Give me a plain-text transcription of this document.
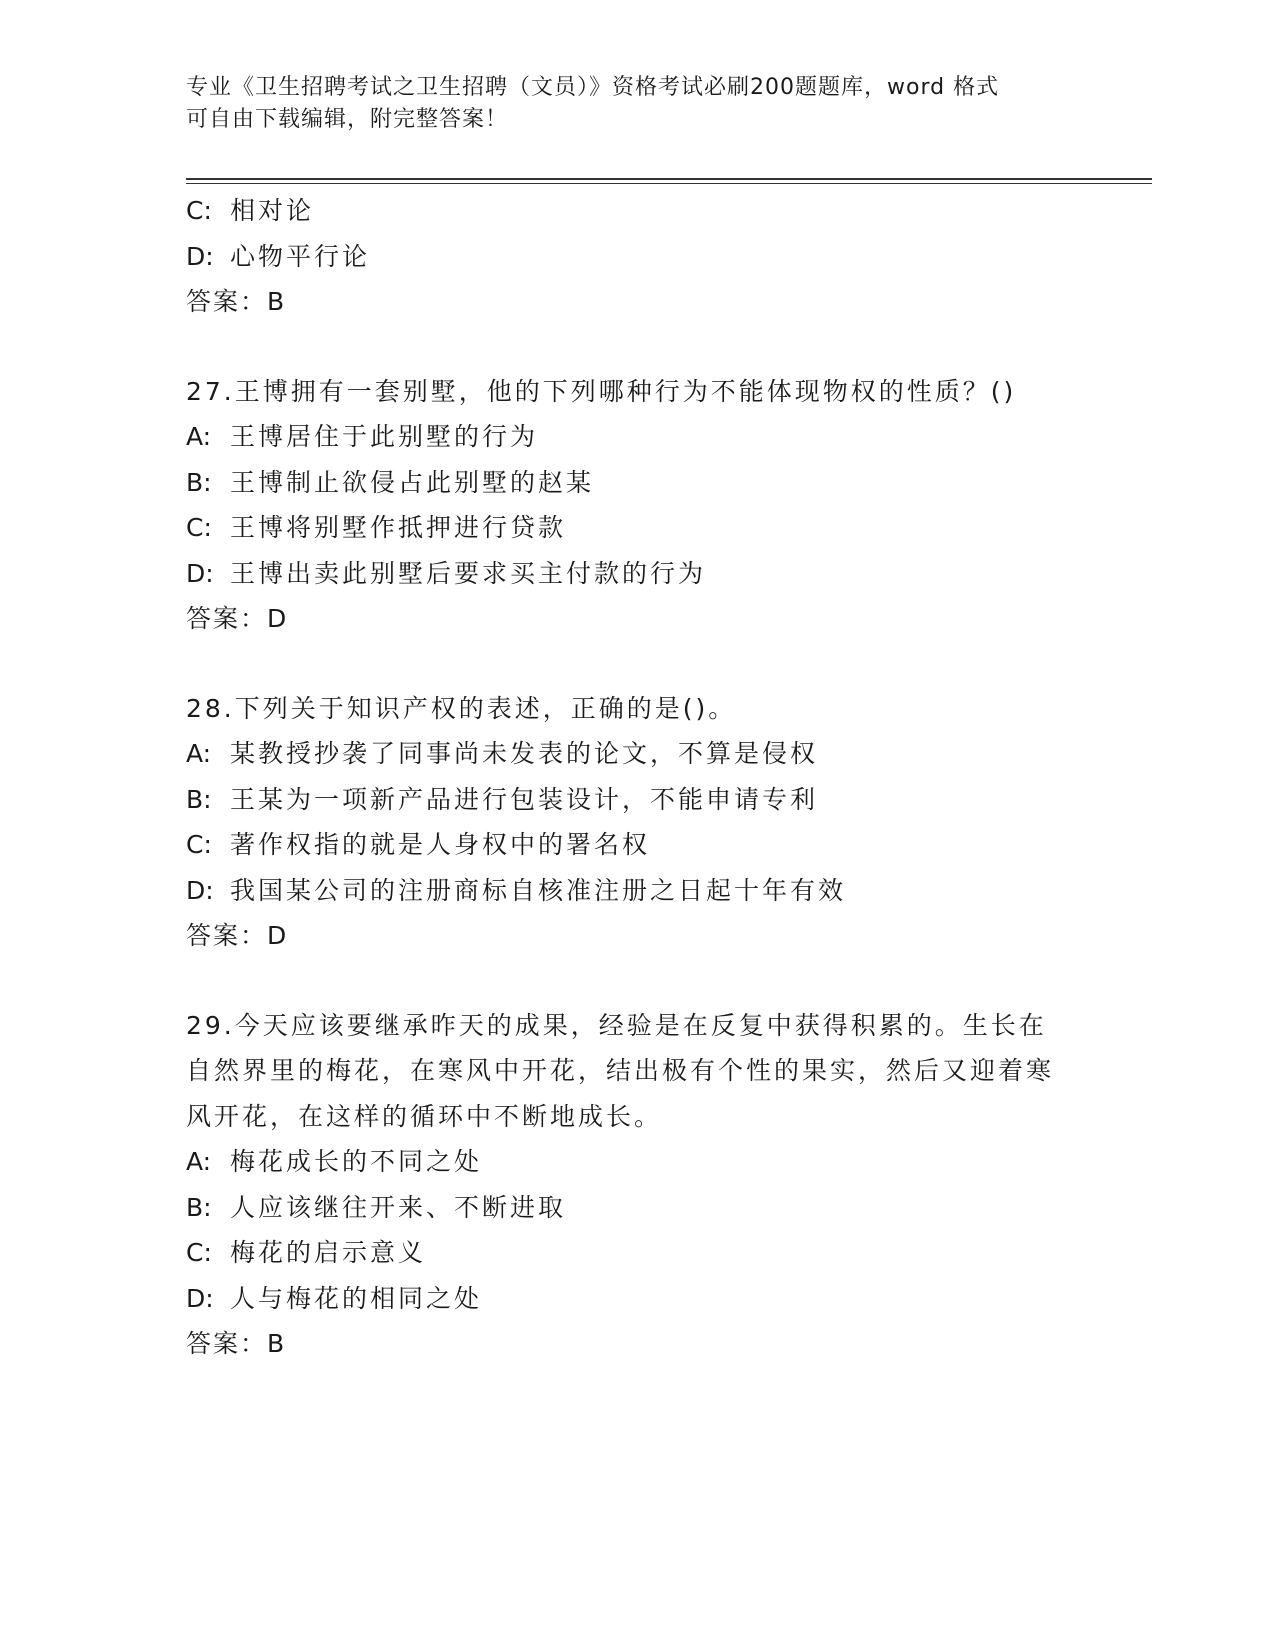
专业《卫生招聘考试之卫生招聘（文员）》资格考试必刷200题题库，word 格式
可自由下载编辑，附完整答案！
C: 相对论
D: 心物平行论
答案：B
27.王博拥有一套别墅，他的下列哪种行为不能体现物权的性质？()
A: 王博居住于此别墅的行为
B: 王博制止欲侵占此别墅的赵某
C: 王博将别墅作抵押进行贷款
D: 王博出卖此别墅后要求买主付款的行为
答案：D
28.下列关于知识产权的表述，正确的是()。
A: 某教授抄袭了同事尚未发表的论文，不算是侵权
B: 王某为一项新产品进行包装设计，不能申请专利
C: 著作权指的就是人身权中的署名权
D: 我国某公司的注册商标自核准注册之日起十年有效
答案：D
29.今天应该要继承昨天的成果，经验是在反复中获得积累的。生长在自然界里的梅花，在寒风中开花，结出极有个性的果实，然后又迎着寒风开花，在这样的循环中不断地成长。
A: 梅花成长的不同之处
B: 人应该继往开来、不断进取
C: 梅花的启示意义
D: 人与梅花的相同之处
答案：B
